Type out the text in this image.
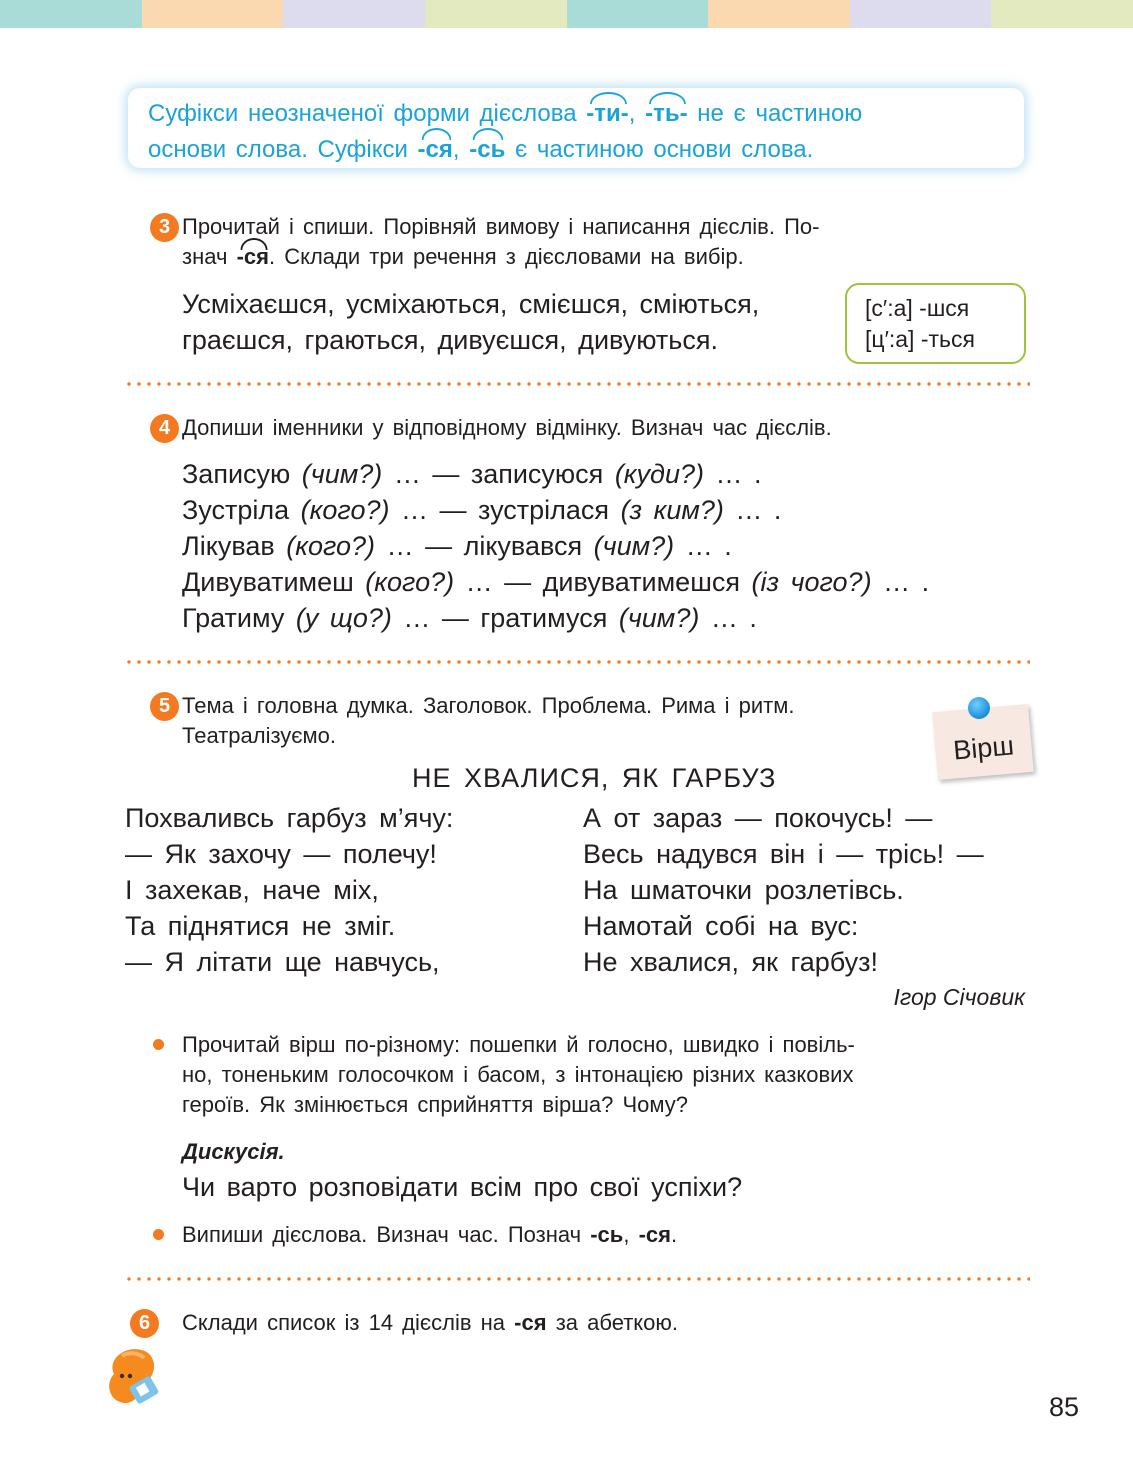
Суфікси неозначеної форми дієслова -ти-, -ть- не є частиною
основи слова. Суфікси -ся, -сь є частиною основи слова.
3 Прочитай і спиши. Порівняй вимову і написання дієслів. По-
знач -ся. Склади три речення з дієсловами на вибір.
Усміхаєшся, усміхаються, смієшся, сміються,
граєшся, граються, дивуєшся, дивуються.
[с′:а] -шся
[ц′:а] -ться
4 Допиши іменники у відповідному відмінку. Визнач час дієслів.
Записую (чим?) … — записуюся (куди?) … .
Зустріла (кого?) … — зустрілася (з ким?) … .
Лікував (кого?) … — лікувався (чим?) … .
Дивуватимеш (кого?) … — дивуватимешся (із чого?) … .
Гратиму (у що?) … — гратимуся (чим?) … .
5 Тема і головна думка. Заголовок. Проблема. Рима і ритм.
Театралізуємо.	Вірш
НЕ ХВАЛИСЯ, ЯК ГАРБУЗ
Похваливсь гарбуз м’ячу:
— Як захочу — полечу!
І захекав, наче міх,
Та піднятися не зміг.
— Я літати ще навчусь,
А от зараз — покочусь! —
Весь надувся він і — трісь! —
На шматочки розлетівсь.
Намотай собі на вус:
Не хвалися, як гарбуз!
Ігор Січовик
Прочитай вірш по-різному: пошепки й голосно, швидко і повіль-
но, тоненьким голосочком і басом, з інтонацією різних казкових
героїв. Як змінюється сприйняття вірша? Чому?
Дискусія.
Чи варто розповідати всім про свої успіхи?
Випиши дієслова. Визнач час. Познач -сь, -ся.
6	Склади список із 14 дієслів на -ся за абеткою.
85
